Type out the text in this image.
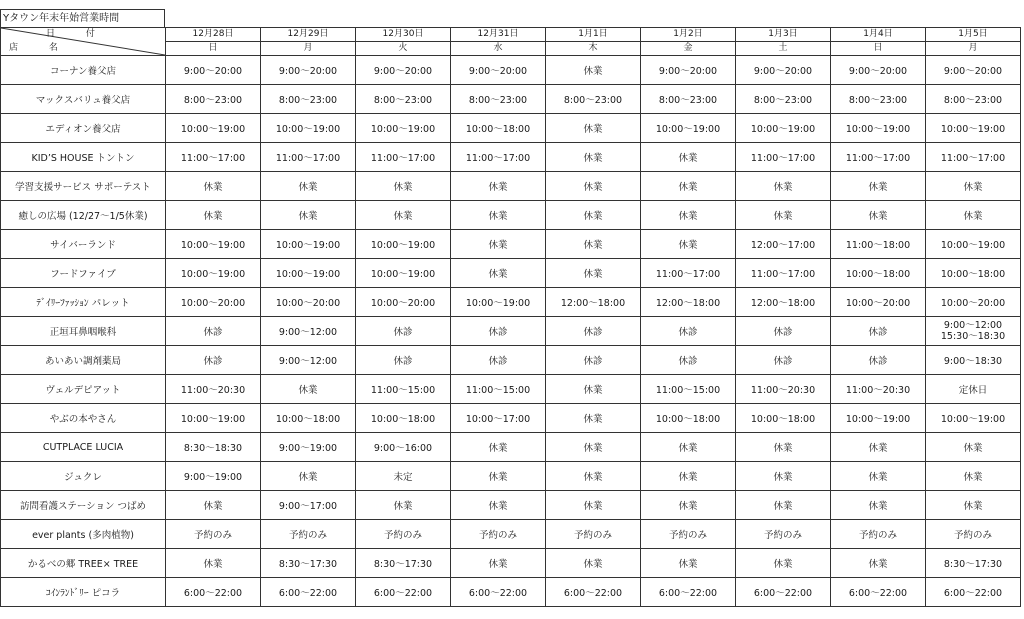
Yタウン年末年始営業時間
日 付
店 名	12月28日	12月29日	12月30日	12月31日	1月1日	1月2日	1月3日	1月4日	1月5日
	日	月	火	水	木	金	土	日	月
コーナン養父店	9:00～20:00	9:00～20:00	9:00～20:00	9:00～20:00	休業	9:00～20:00	9:00～20:00	9:00～20:00	9:00～20:00
マックスバリュ養父店	8:00～23:00	8:00～23:00	8:00～23:00	8:00～23:00	8:00～23:00	8:00～23:00	8:00～23:00	8:00～23:00	8:00～23:00
エディオン養父店	10:00～19:00	10:00～19:00	10:00～19:00	10:00～18:00	休業	10:00～19:00	10:00～19:00	10:00～19:00	10:00～19:00
KID’S HOUSE トントン	11:00～17:00	11:00～17:00	11:00～17:00	11:00～17:00	休業	休業	11:00～17:00	11:00～17:00	11:00～17:00
学習支援サービス サポーテスト	休業	休業	休業	休業	休業	休業	休業	休業	休業
癒しの広場 (12/27～1/5休業)	休業	休業	休業	休業	休業	休業	休業	休業	休業
サイバーランド	10:00～19:00	10:00～19:00	10:00～19:00	休業	休業	休業	12:00～17:00	11:00～18:00	10:00～19:00
フードファイブ	10:00～19:00	10:00～19:00	10:00～19:00	休業	休業	11:00～17:00	11:00～17:00	10:00～18:00	10:00～18:00
ﾃﾞｲﾘｰﾌｧｯｼｮﾝ パレット	10:00～20:00	10:00～20:00	10:00～20:00	10:00～19:00	12:00～18:00	12:00～18:00	12:00～18:00	10:00～20:00	10:00～20:00
正垣耳鼻咽喉科	休診	9:00～12:00	休診	休診	休診	休診	休診	休診	9:00～12:00
15:30～18:30

あいあい調剤薬局	休診	9:00～12:00	休診	休診	休診	休診	休診	休診	9:00～18:30
ヴェルデピアット	11:00～20:30	休業	11:00～15:00	11:00～15:00	休業	11:00～15:00	11:00～20:30	11:00～20:30	定休日
やぶの本やさん	10:00～19:00	10:00～18:00	10:00～18:00	10:00～17:00	休業	10:00～18:00	10:00～18:00	10:00～19:00	10:00～19:00
CUTPLACE LUCIA	8:30～18:30	9:00～19:00	9:00～16:00	休業	休業	休業	休業	休業	休業
ジュクレ	9:00～19:00	休業	未定	休業	休業	休業	休業	休業	休業
訪問看護ステーション つばめ	休業	9:00～17:00	休業	休業	休業	休業	休業	休業	休業
ever plants (多肉植物)	予約のみ	予約のみ	予約のみ	予約のみ	予約のみ	予約のみ	予約のみ	予約のみ	予約のみ
かるべの郷 TREE× TREE	休業	8:30～17:30	8:30～17:30	休業	休業	休業	休業	休業	8:30～17:30
ｺｲﾝﾗﾝﾄﾞﾘｰ ピコラ	6:00～22:00	6:00～22:00	6:00～22:00	6:00～22:00	6:00～22:00	6:00～22:00	6:00～22:00	6:00～22:00	6:00～22:00
